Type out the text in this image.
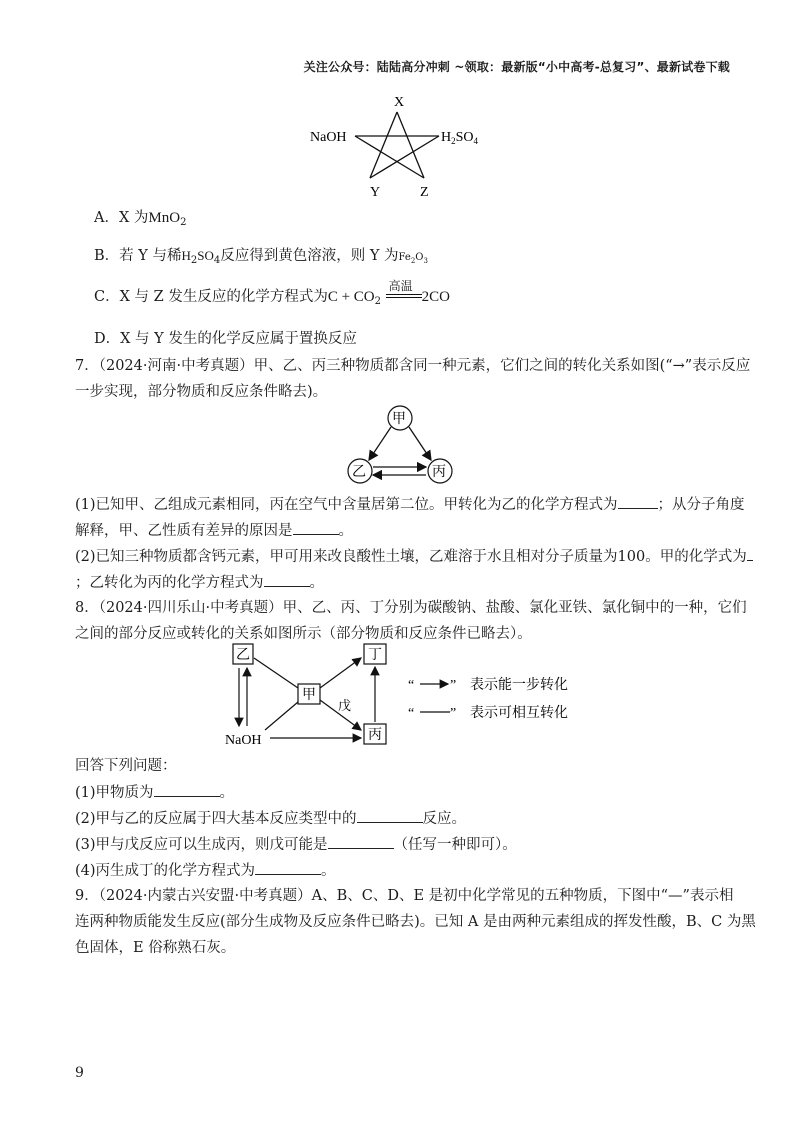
关注公众号：陆陆高分冲刺 ~领取：最新版“小中高考-总复习”、最新试卷下载
X
NaOH	$H_2SO_4$
Y	Z
A．X 为MnO$_2$
B．若 Y 与稀$H_2SO_4$反应得到黄色溶液，则 Y 为$Fe_2O_3$
C．X 与 Z 发生反应的化学方程式为$C + CO_2$
高温
2CO
D．X 与 Y 发生的化学反应属于置换反应
7．（2024·河南·中考真题）甲、乙、丙三种物质都含同一种元素，它们之间的转化关系如图(“→”表示反应
一步实现，部分物质和反应条件略去)。
甲
乙	丙
(1)已知甲、乙组成元素相同，丙在空气中含量居第二位。甲转化为乙的化学方程式为	；从分子角度
解释，甲、乙性质有差异的原因是	。
(2)已知三种物质都含钙元素，甲可用来改良酸性土壤，乙难溶于水且相对分子质量为100。甲的化学式为
；乙转化为丙的化学方程式为	。
8．（2024·四川乐山·中考真题）甲、乙、丙、丁分别为碳酸钠、盐酸、氯化亚铁、氯化铜中的一种，它们
之间的部分反应或转化的关系如图所示（部分物质和反应条件已略去）。
乙
甲
丁
丙
戊
NaOH
“	” 表示能一步转化
“	” 表示可相互转化
回答下列问题：
(1)甲物质为	。
(2)甲与乙的反应属于四大基本反应类型中的	反应。
(3)甲与戊反应可以生成丙，则戊可能是	（任写一种即可）。
(4)丙生成丁的化学方程式为	。
9．（2024·内蒙古兴安盟·中考真题）A、B、C、D、E 是初中化学常见的五种物质，下图中“—”表示相
连两种物质能发生反应(部分生成物及反应条件已略去)。已知 A 是由两种元素组成的挥发性酸，B、C 为黑
色固体，E 俗称熟石灰。
9
